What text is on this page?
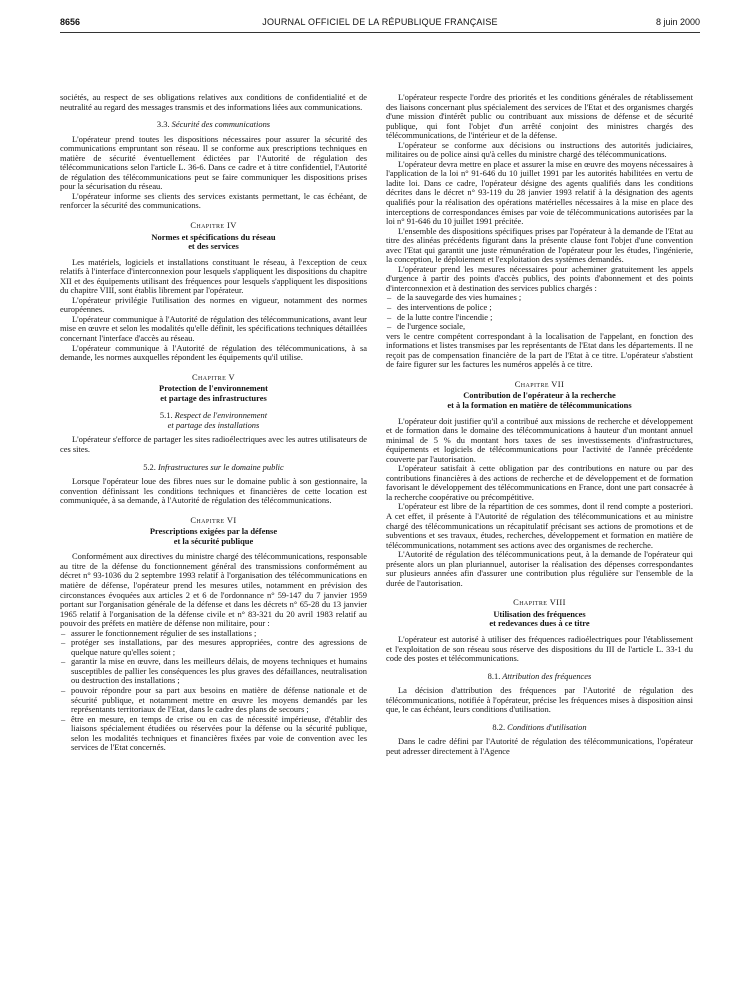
8656	JOURNAL OFFICIEL DE LA RÉPUBLIQUE FRANÇAISE	8 juin 2000

sociétés, au respect de ses obligations relatives aux conditions de confidentialité et de neutralité au regard des messages transmis et des informations liées aux communications.

3.3. Sécurité des communications

L'opérateur prend toutes les dispositions nécessaires pour assurer la sécurité des communications empruntant son réseau. Il se conforme aux prescriptions techniques en matière de sécurité éventuellement édictées par l'Autorité de régulation des télécommunications selon l'article L. 36-6. Dans ce cadre et à titre confidentiel, l'Autorité de régulation des télécommunications peut se faire communiquer les dispositions prises pour la sécurisation du réseau.

L'opérateur informe ses clients des services existants permettant, le cas échéant, de renforcer la sécurité des communications.

Chapitre IV
Normes et spécifications du réseau
et des services

Les matériels, logiciels et installations constituant le réseau, à l'exception de ceux relatifs à l'interface d'interconnexion pour lesquels s'appliquent les dispositions du chapitre XII et des équipements utilisant des fréquences pour lesquels s'appliquent les dispositions du chapitre VIII, sont établis librement par l'opérateur.

L'opérateur privilégie l'utilisation des normes en vigueur, notamment des normes européennes.

L'opérateur communique à l'Autorité de régulation des télécommunications, avant leur mise en œuvre et selon les modalités qu'elle définit, les spécifications techniques détaillées concernant l'interface d'accès au réseau.

L'opérateur communique à l'Autorité de régulation des télécommunications, à sa demande, les normes auxquelles répondent les équipements qu'il utilise.

Chapitre V
Protection de l'environnement
et partage des infrastructures
5.1. Respect de l'environnement
et partage des installations

L'opérateur s'efforce de partager les sites radioélectriques avec les autres utilisateurs de ces sites.

5.2. Infrastructures sur le domaine public

Lorsque l'opérateur loue des fibres nues sur le domaine public à son gestionnaire, la convention définissant les conditions techniques et financières de cette location est communiquée, à sa demande, à l'Autorité de régulation des télécommunications.

Chapitre VI
Prescriptions exigées par la défense
et la sécurité publique

Conformément aux directives du ministre chargé des télécommunications, responsable au titre de la défense du fonctionnement général des transmissions conformément au décret n° 93-1036 du 2 septembre 1993 relatif à l'organisation des télécommunications en matière de défense, l'opérateur prend les mesures utiles, notamment en prévision des circonstances évoquées aux articles 2 et 6 de l'ordonnance n° 59-147 du 7 janvier 1959 portant sur l'organisation générale de la défense et dans les décrets n° 65-28 du 13 janvier 1965 relatif à l'organisation de la défense civile et n° 83-321 du 20 avril 1983 relatif au pouvoir des préfets en matière de défense non militaire, pour :

– assurer le fonctionnement régulier de ses installations ;

– protéger ses installations, par des mesures appropriées, contre des agressions de quelque nature qu'elles soient ;

– garantir la mise en œuvre, dans les meilleurs délais, de moyens techniques et humains susceptibles de pallier les conséquences les plus graves des défaillances, neutralisation ou destruction des installations ;

– pouvoir répondre pour sa part aux besoins en matière de défense nationale et de sécurité publique, et notamment mettre en œuvre les moyens demandés par les représentants territoriaux de l'Etat, dans le cadre des plans de secours ;

– être en mesure, en temps de crise ou en cas de nécessité impérieuse, d'établir des liaisons spécialement étudiées ou réservées pour la défense ou la sécurité publique, selon les modalités techniques et financières fixées par voie de convention avec les services de l'Etat concernés.

L'opérateur respecte l'ordre des priorités et les conditions générales de rétablissement des liaisons concernant plus spécialement des services de l'Etat et des organismes chargés d'une mission d'intérêt public ou contribuant aux missions de défense et de sécurité publique, qui font l'objet d'un arrêté conjoint des ministres chargés des télécommunications, de l'intérieur et de la défense.

L'opérateur se conforme aux décisions ou instructions des autorités judiciaires, militaires ou de police ainsi qu'à celles du ministre chargé des télécommunications.

L'opérateur devra mettre en place et assurer la mise en œuvre des moyens nécessaires à l'application de la loi n° 91-646 du 10 juillet 1991 par les autorités habilitées en vertu de ladite loi. Dans ce cadre, l'opérateur désigne des agents qualifiés dans les conditions décrites dans le décret n° 93-119 du 28 janvier 1993 relatif à la désignation des agents qualifiés pour la réalisation des opérations matérielles nécessaires à la mise en place des interceptions de correspondances émises par voie de télécommunications autorisées par la loi n° 91-646 du 10 juillet 1991 précitée.

L'ensemble des dispositions spécifiques prises par l'opérateur à la demande de l'Etat au titre des alinéas précédents figurant dans la présente clause font l'objet d'une convention avec l'Etat qui garantit une juste rémunération de l'opérateur pour les études, l'ingénierie, la conception, le déploiement et l'exploitation des systèmes demandés.

L'opérateur prend les mesures nécessaires pour acheminer gratuitement les appels d'urgence à partir des points d'accès publics, des points d'abonnement et des points d'interconnexion et à destination des services publics chargés :

– de la sauvegarde des vies humaines ;

– des interventions de police ;

– de la lutte contre l'incendie ;

– de l'urgence sociale,

vers le centre compétent correspondant à la localisation de l'appelant, en fonction des informations et listes transmises par les représentants de l'Etat dans les départements. Il ne reçoit pas de compensation financière de la part de l'Etat à ce titre. L'opérateur s'abstient de faire figurer sur les factures les numéros appelés à ce titre.

Chapitre VII
Contribution de l'opérateur à la recherche
et à la formation en matière de télécommunications

L'opérateur doit justifier qu'il a contribué aux missions de recherche et développement et de formation dans le domaine des télécommunications à hauteur d'un montant annuel minimal de 5 % du montant hors taxes de ses investissements d'infrastructures, équipements et logiciels de télécommunications pour l'activité de l'année précédente couverte par l'autorisation.

L'opérateur satisfait à cette obligation par des contributions en nature ou par des contributions financières à des actions de recherche et de développement et de formation favorisant le développement des télécommunications en France, dont une part consacrée à la recherche coopérative ou précompétitive.

L'opérateur est libre de la répartition de ces sommes, dont il rend compte a posteriori. A cet effet, il présente à l'Autorité de régulation des télécommunications et au ministre chargé des télécommunications un récapitulatif précisant ses actions de promotions et de subventions et ses travaux, études, recherches, développement et formation en matière de télécommunications, notamment ses actions avec des organismes de recherche.

L'Autorité de régulation des télécommunications peut, à la demande de l'opérateur qui présente alors un plan pluriannuel, autoriser la réalisation des dépenses correspondantes sur plusieurs années afin d'assurer une contribution plus régulière sur l'ensemble de la durée de l'autorisation.

Chapitre VIII
Utilisation des fréquences
et redevances dues à ce titre

L'opérateur est autorisé à utiliser des fréquences radioélectriques pour l'établissement et l'exploitation de son réseau sous réserve des dispositions du III de l'article L. 33-1 du code des postes et télécommunications.

8.1. Attribution des fréquences

La décision d'attribution des fréquences par l'Autorité de régulation des télécommunications, notifiée à l'opérateur, précise les fréquences mises à disposition ainsi que, le cas échéant, leurs conditions d'utilisation.

8.2. Conditions d'utilisation

Dans le cadre défini par l'Autorité de régulation des télécommunications, l'opérateur peut adresser directement à l'Agence
